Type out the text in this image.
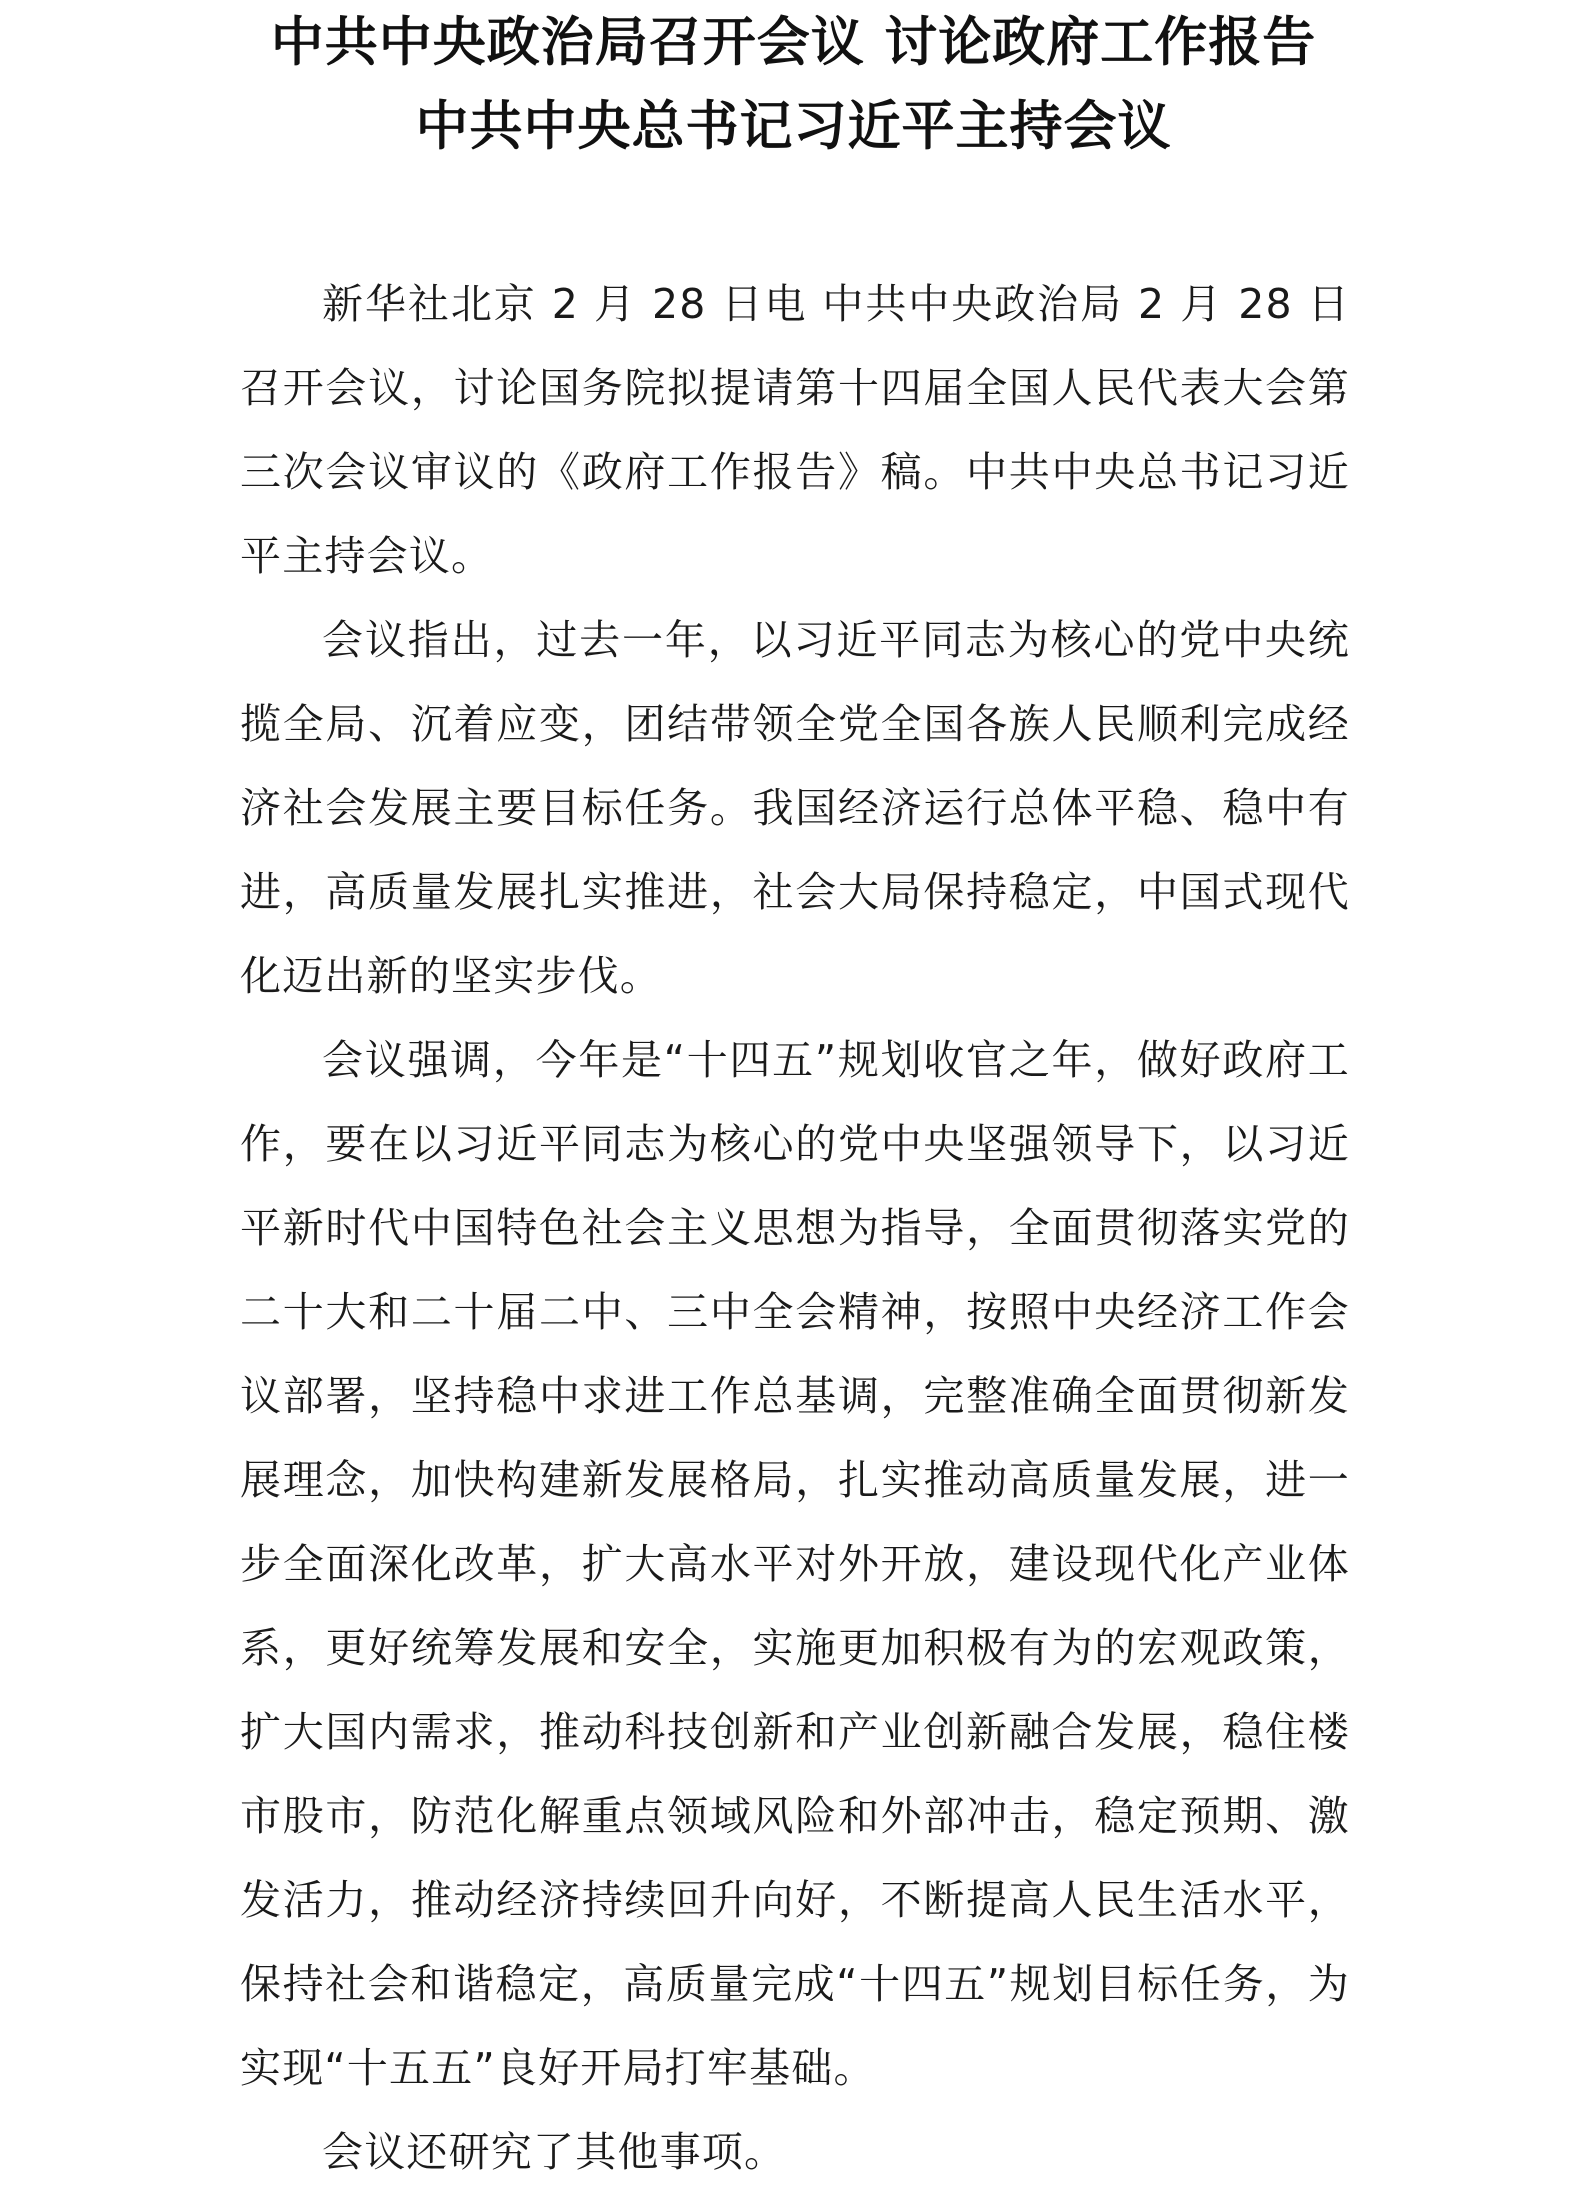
中共中央政治局召开会议 讨论政府工作报告
中共中央总书记习近平主持会议

新华社北京 2 月 28 日电 中共中央政治局 2 月 28 日召开会议，讨论国务院拟提请第十四届全国人民代表大会第三次会议审议的《政府工作报告》稿。中共中央总书记习近平主持会议。

会议指出，过去一年，以习近平同志为核心的党中央统揽全局、沉着应变，团结带领全党全国各族人民顺利完成经济社会发展主要目标任务。我国经济运行总体平稳、稳中有进，高质量发展扎实推进，社会大局保持稳定，中国式现代化迈出新的坚实步伐。

会议强调，今年是“十四五”规划收官之年，做好政府工作，要在以习近平同志为核心的党中央坚强领导下，以习近平新时代中国特色社会主义思想为指导，全面贯彻落实党的二十大和二十届二中、三中全会精神，按照中央经济工作会议部署，坚持稳中求进工作总基调，完整准确全面贯彻新发展理念，加快构建新发展格局，扎实推动高质量发展，进一步全面深化改革，扩大高水平对外开放，建设现代化产业体系，更好统筹发展和安全，实施更加积极有为的宏观政策，扩大国内需求，推动科技创新和产业创新融合发展，稳住楼市股市，防范化解重点领域风险和外部冲击，稳定预期、激发活力，推动经济持续回升向好，不断提高人民生活水平，保持社会和谐稳定，高质量完成“十四五”规划目标任务，为实现“十五五”良好开局打牢基础。

会议还研究了其他事项。
